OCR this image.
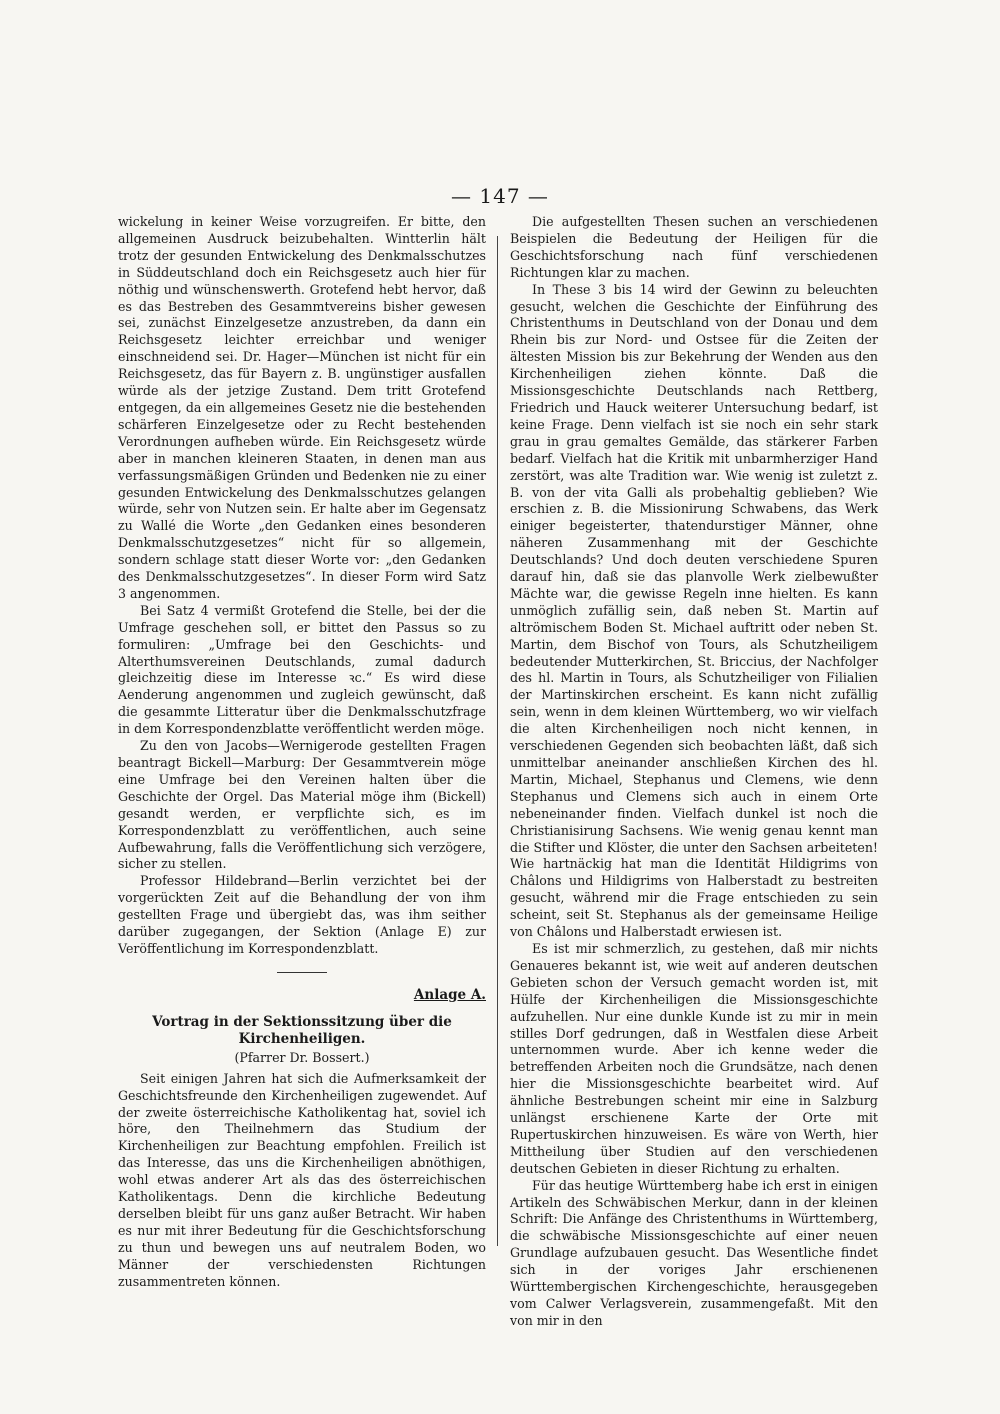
— 147 —

wickelung in keiner Weise vorzugreifen. Er bitte, den allgemeinen Ausdruck beizubehalten. Wintterlin hält trotz der gesunden Entwickelung des Denkmalsschutzes in Süddeutschland doch ein Reichsgesetz auch hier für nöthig und wünschenswerth. Grotefend hebt hervor, daß es das Bestreben des Gesammtvereins bisher gewesen sei, zunächst Einzelgesetze anzustreben, da dann ein Reichsgesetz leichter erreichbar und weniger einschneidend sei. Dr. Hager—München ist nicht für ein Reichsgesetz, das für Bayern z. B. ungünstiger ausfallen würde als der jetzige Zustand. Dem tritt Grotefend entgegen, da ein allgemeines Gesetz nie die bestehenden schärferen Einzelgesetze oder zu Recht bestehenden Verordnungen aufheben würde. Ein Reichsgesetz würde aber in manchen kleineren Staaten, in denen man aus verfassungsmäßigen Gründen und Bedenken nie zu einer gesunden Entwickelung des Denkmalsschutzes gelangen würde, sehr von Nutzen sein. Er halte aber im Gegensatz zu Wallé die Worte „den Gedanken eines besonderen Denkmalsschutzgesetzes“ nicht für so allgemein, sondern schlage statt dieser Worte vor: „den Gedanken des Denkmalsschutzgesetzes“. In dieser Form wird Satz 3 angenommen.

Bei Satz 4 vermißt Grotefend die Stelle, bei der die Umfrage geschehen soll, er bittet den Passus so zu formuliren: „Umfrage bei den Geschichts- und Alterthumsvereinen Deutschlands, zumal dadurch gleichzeitig diese im Interesse ꝛc.“ Es wird diese Aenderung angenommen und zugleich gewünscht, daß die gesammte Litteratur über die Denkmalsschutzfrage in dem Korrespondenzblatte veröffentlicht werden möge.

Zu den von Jacobs—Wernigerode gestellten Fragen beantragt Bickell—Marburg: Der Gesammtverein möge eine Umfrage bei den Vereinen halten über die Geschichte der Orgel. Das Material möge ihm (Bickell) gesandt werden, er verpflichte sich, es im Korrespondenzblatt zu veröffentlichen, auch seine Aufbewahrung, falls die Veröffentlichung sich verzögere, sicher zu stellen.

Professor Hildebrand—Berlin verzichtet bei der vorgerückten Zeit auf die Behandlung der von ihm gestellten Frage und übergiebt das, was ihm seither darüber zugegangen, der Sektion (Anlage E) zur Veröffentlichung im Korrespondenzblatt.

Anlage A.
Vortrag in der Sektionssitzung über die Kirchenheiligen.
(Pfarrer Dr. Bossert.)

Seit einigen Jahren hat sich die Aufmerksamkeit der Geschichtsfreunde den Kirchenheiligen zugewendet. Auf der zweite österreichische Katholikentag hat, soviel ich höre, den Theilnehmern das Studium der Kirchenheiligen zur Beachtung empfohlen. Freilich ist das Interesse, das uns die Kirchenheiligen abnöthigen, wohl etwas anderer Art als das des österreichischen Katholikentags. Denn die kirchliche Bedeutung derselben bleibt für uns ganz außer Betracht. Wir haben es nur mit ihrer Bedeutung für die Geschichtsforschung zu thun und bewegen uns auf neutralem Boden, wo Männer der verschiedensten Richtungen zusammentreten können.

Die aufgestellten Thesen suchen an verschiedenen Beispielen die Bedeutung der Heiligen für die Geschichtsforschung nach fünf verschiedenen Richtungen klar zu machen.

In These 3 bis 14 wird der Gewinn zu beleuchten gesucht, welchen die Geschichte der Einführung des Christenthums in Deutschland von der Donau und dem Rhein bis zur Nord- und Ostsee für die Zeiten der ältesten Mission bis zur Bekehrung der Wenden aus den Kirchenheiligen ziehen könnte. Daß die Missionsgeschichte Deutschlands nach Rettberg, Friedrich und Hauck weiterer Untersuchung bedarf, ist keine Frage. Denn vielfach ist sie noch ein sehr stark grau in grau gemaltes Gemälde, das stärkerer Farben bedarf. Vielfach hat die Kritik mit unbarmherziger Hand zerstört, was alte Tradition war. Wie wenig ist zuletzt z. B. von der vita Galli als probehaltig geblieben? Wie erschien z. B. die Missionirung Schwabens, das Werk einiger begeisterter, thatendurstiger Männer, ohne näheren Zusammenhang mit der Geschichte Deutschlands? Und doch deuten verschiedene Spuren darauf hin, daß sie das planvolle Werk zielbewußter Mächte war, die gewisse Regeln inne hielten. Es kann unmöglich zufällig sein, daß neben St. Martin auf altrömischem Boden St. Michael auftritt oder neben St. Martin, dem Bischof von Tours, als Schutzheiligem bedeutender Mutterkirchen, St. Briccius, der Nachfolger des hl. Martin in Tours, als Schutzheiliger von Filialien der Martinskirchen erscheint. Es kann nicht zufällig sein, wenn in dem kleinen Württemberg, wo wir vielfach die alten Kirchenheiligen noch nicht kennen, in verschiedenen Gegenden sich beobachten läßt, daß sich unmittelbar aneinander anschließen Kirchen des hl. Martin, Michael, Stephanus und Clemens, wie denn Stephanus und Clemens sich auch in einem Orte nebeneinander finden. Vielfach dunkel ist noch die Christianisirung Sachsens. Wie wenig genau kennt man die Stifter und Klöster, die unter den Sachsen arbeiteten! Wie hartnäckig hat man die Identität Hildigrims von Châlons und Hildigrims von Halberstadt zu bestreiten gesucht, während mir die Frage entschieden zu sein scheint, seit St. Stephanus als der gemeinsame Heilige von Châlons und Halberstadt erwiesen ist.

Es ist mir schmerzlich, zu gestehen, daß mir nichts Genaueres bekannt ist, wie weit auf anderen deutschen Gebieten schon der Versuch gemacht worden ist, mit Hülfe der Kirchenheiligen die Missionsgeschichte aufzuhellen. Nur eine dunkle Kunde ist zu mir in mein stilles Dorf gedrungen, daß in Westfalen diese Arbeit unternommen wurde. Aber ich kenne weder die betreffenden Arbeiten noch die Grundsätze, nach denen hier die Missionsgeschichte bearbeitet wird. Auf ähnliche Bestrebungen scheint mir eine in Salzburg unlängst erschienene Karte der Orte mit Rupertuskirchen hinzuweisen. Es wäre von Werth, hier Mittheilung über Studien auf den verschiedenen deutschen Gebieten in dieser Richtung zu erhalten.

Für das heutige Württemberg habe ich erst in einigen Artikeln des Schwäbischen Merkur, dann in der kleinen Schrift: Die Anfänge des Christenthums in Württemberg, die schwäbische Missionsgeschichte auf einer neuen Grundlage aufzubauen gesucht. Das Wesentliche findet sich in der voriges Jahr erschienenen Württembergischen Kirchengeschichte, herausgegeben vom Calwer Verlagsverein, zusammengefaßt. Mit den von mir in den
